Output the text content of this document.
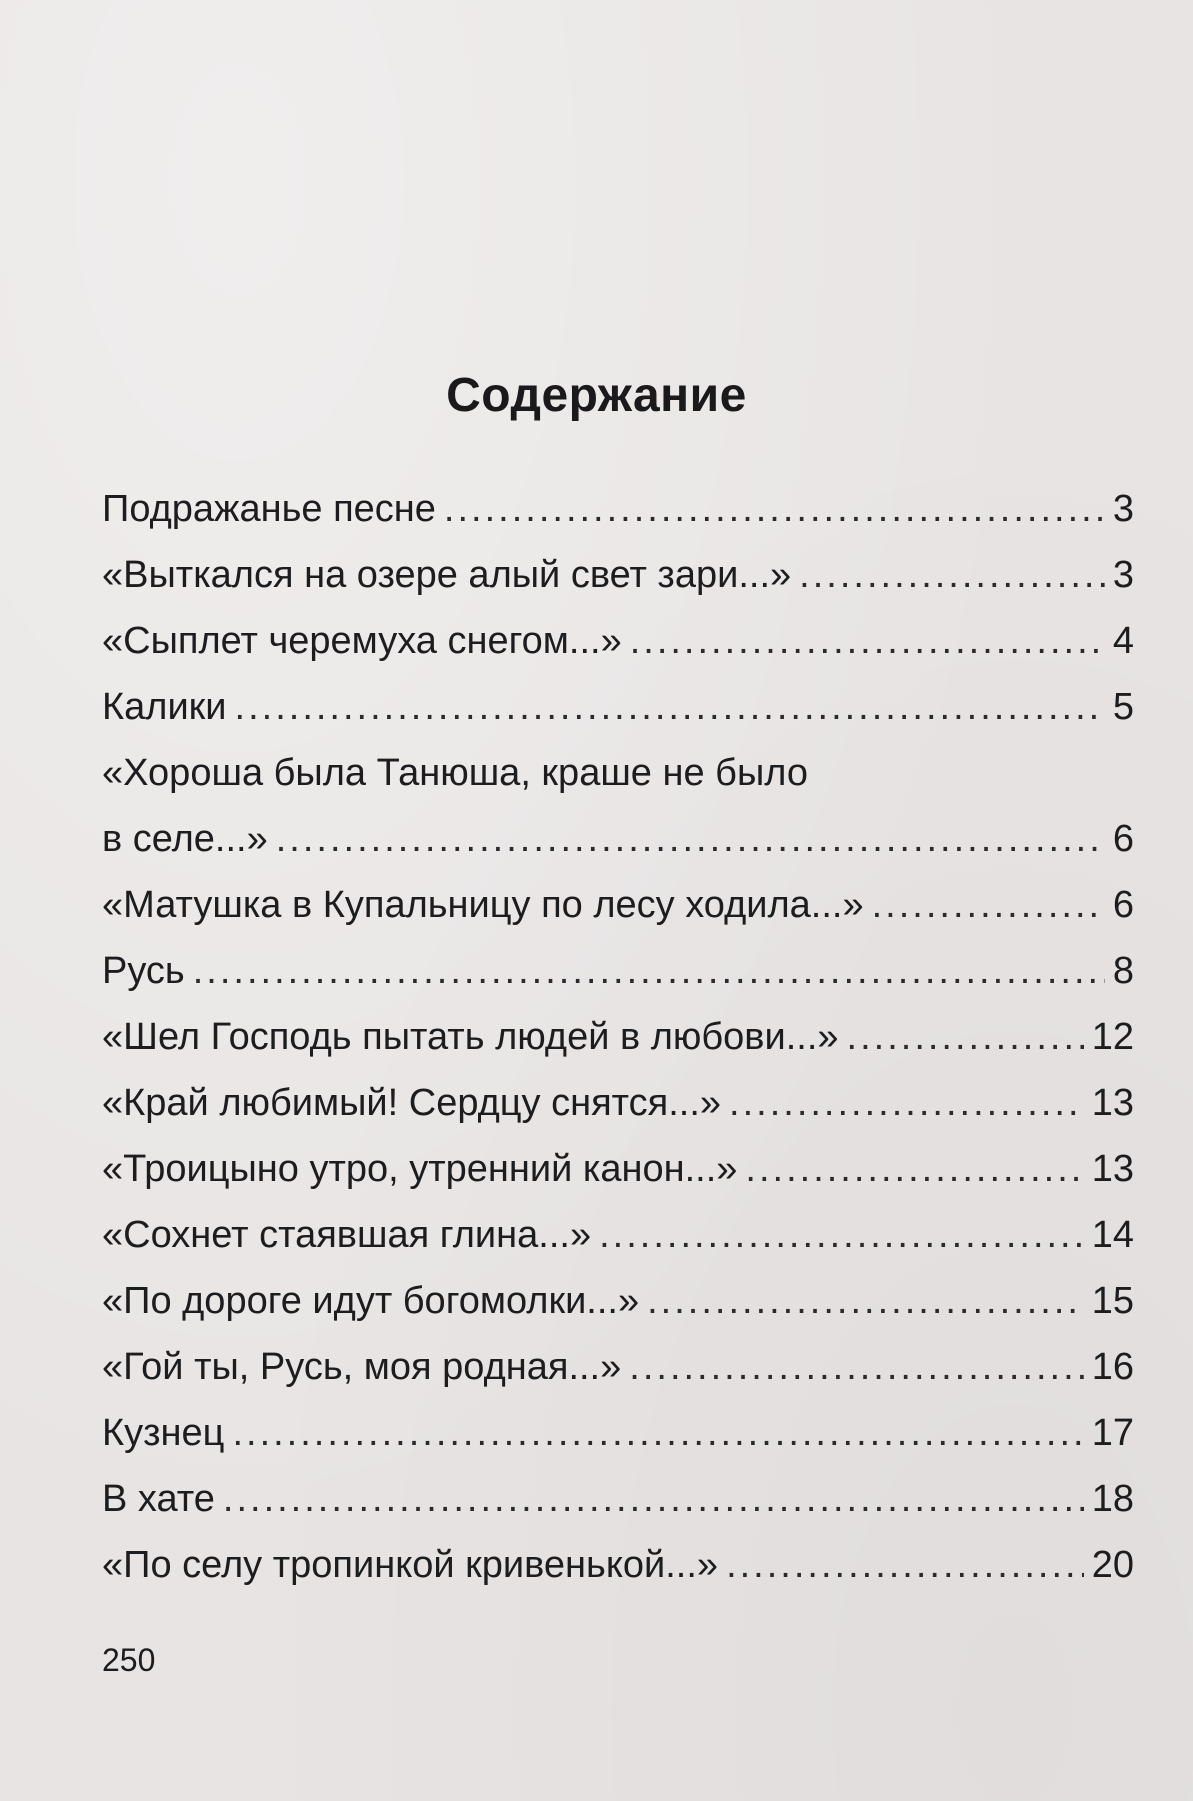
Содержание
Подражанье песне .....	3
«Выткался на озере алый свет зари...» .....	3
«Сыплет черемуха снегом...» .....	4
Калики .....	5
«Хороша была Танюша, краше не было
в селе...» .....	6
«Матушка в Купальницу по лесу ходила...» .....	6
Русь .....	8
«Шел Господь пытать людей в любови...» .....	12
«Край любимый! Сердцу снятся...» .....	13
«Троицыно утро, утренний канон...» .....	13
«Сохнет стаявшая глина...» .....	14
«По дороге идут богомолки...» .....	15
«Гой ты, Русь, моя родная...» .....	16
Кузнец .....	17
В хате .....	18
«По селу тропинкой кривенькой...» .....	20
250
